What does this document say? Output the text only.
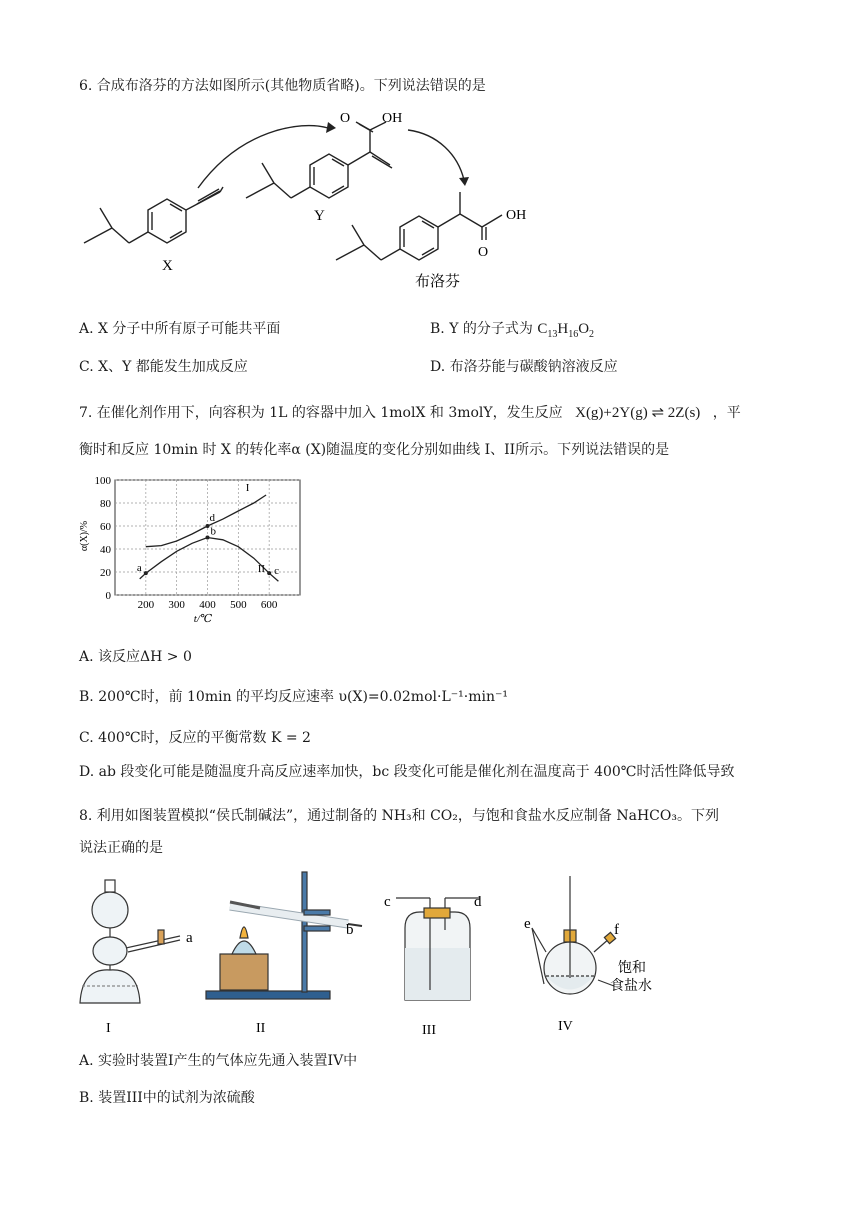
6. 合成布洛芬的方法如图所示(其他物质省略)。下列说法错误的是
X
Y
布洛芬
O OH
OH
O
A. X 分子中所有原子可能共平面	B. Y 的分子式为 $C_{13}H_{16}O_2$
C. X、Y 都能发生加成反应	D. 布洛芬能与碳酸钠溶液反应
7. 在催化剂作用下，向容积为 1L 的容器中加入 1molX 和 3molY，发生反应 X(g)+2Y(g) ⇌ 2Z(s) ，平
衡时和反应 10min 时 X 的转化率α (X)随温度的变化分别如曲线 I、II所示。下列说法错误的是
200 300 400 500 600
0
20
40
60
80
100
I
II
a
b
c
d
t/℃
α(X)/%
A. 该反应ΔH > 0
B. 200℃时，前 10min 的平均反应速率 υ(X)=0.02mol·L⁻¹·min⁻¹
C. 400℃时，反应的平衡常数 K = 2
D. ab 段变化可能是随温度升高反应速率加快，bc 段变化可能是催化剂在温度高于 400℃时活性降低导致
8. 利用如图装置模拟“侯氏制碱法”，通过制备的 NH₃和 CO₂，与饱和食盐水反应制备 NaHCO₃。下列
说法正确的是
a
I
b
II
c	d
III
e	f
饱和
食盐水
IV
A. 实验时装置I产生的气体应先通入装置IV中
B. 装置III中的试剂为浓硫酸
